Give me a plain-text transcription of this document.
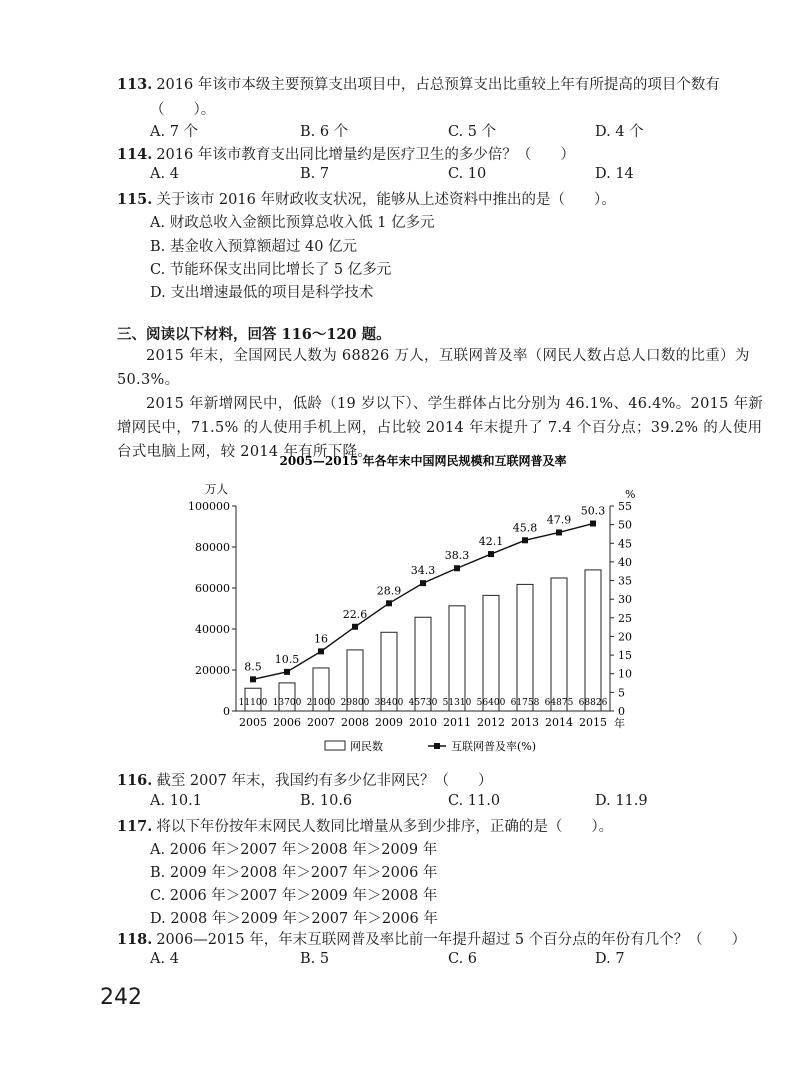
113. 2016 年该市本级主要预算支出项目中，占总预算支出比重较上年有所提高的项目个数有
（　　）。
A. 7 个	B. 6 个	C. 5 个	D. 4 个
114. 2016 年该市教育支出同比增量约是医疗卫生的多少倍？（　　）
A. 4	B. 7	C. 10	D. 14
115. 关于该市 2016 年财政收支状况，能够从上述资料中推出的是（　　）。
A. 财政总收入金额比预算总收入低 1 亿多元
B. 基金收入预算额超过 40 亿元
C. 节能环保支出同比增长了 5 亿多元
D. 支出增速最低的项目是科学技术
三、阅读以下材料，回答 116～120 题。
2015 年末，全国网民人数为 68826 万人，互联网普及率（网民人数占总人口数的比重）为 50.3%。
2015 年新增网民中，低龄（19 岁以下）、学生群体占比分别为 46.1%、46.4%。2015 年新增网民中，71.5% 的人使用手机上网，占比较 2014 年末提升了 7.4 个百分点；39.2% 的人使用台式电脑上网，较 2014 年有所下降。
2005—2015 年各年末中国网民规模和互联网普及率
万人	%
0
20000
40000
60000
80000
100000
0
5
10
15
20
25
30
35
40
45
50
55
11100
2005
13700
2006
21000
2007
29800
2008
38400
2009
45730
2010
51310
2011
56400
2012
61758
2013
64875
2014
68826
2015 年
8.5
10.5
16
22.6
28.9
34.3
38.3
42.1
45.8
47.9
50.3
网民数	互联网普及率(%)
116. 截至 2007 年末，我国约有多少亿非网民？（　　）
A. 10.1	B. 10.6	C. 11.0	D. 11.9
117. 将以下年份按年末网民人数同比增量从多到少排序，正确的是（　　）。
A. 2006 年＞2007 年＞2008 年＞2009 年
B. 2009 年＞2008 年＞2007 年＞2006 年
C. 2006 年＞2007 年＞2009 年＞2008 年
D. 2008 年＞2009 年＞2007 年＞2006 年
118. 2006—2015 年，年末互联网普及率比前一年提升超过 5 个百分点的年份有几个？（　　）
A. 4	B. 5	C. 6	D. 7
242
